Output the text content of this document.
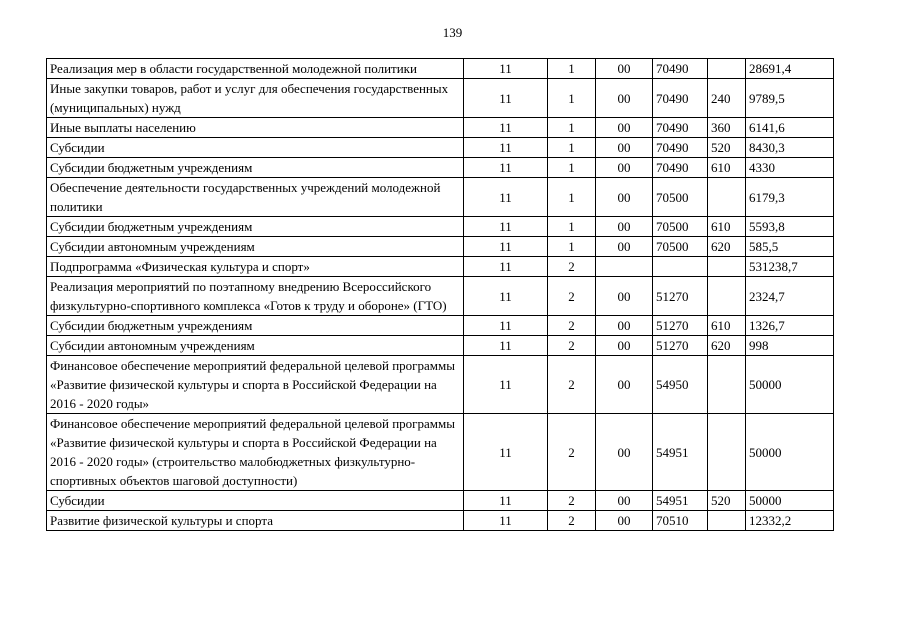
139
Реализация мер в области государственной молодежной политики	11	1	00	70490		28691,4
Иные закупки товаров, работ и услуг для обеспечения государственных (муниципальных) нужд	11	1	00	70490	240	9789,5
Иные выплаты населению	11	1	00	70490	360	6141,6
Субсидии	11	1	00	70490	520	8430,3
Субсидии бюджетным учреждениям	11	1	00	70490	610	4330
Обеспечение деятельности государственных учреждений молодежной политики	11	1	00	70500		6179,3
Субсидии бюджетным учреждениям	11	1	00	70500	610	5593,8
Субсидии автономным учреждениям	11	1	00	70500	620	585,5
Подпрограмма «Физическая культура и спорт»	11	2				531238,7
Реализация мероприятий по поэтапному внедрению Всероссийского физкультурно-спортивного комплекса «Готов к труду и обороне» (ГТО)	11	2	00	51270		2324,7
Субсидии бюджетным учреждениям	11	2	00	51270	610	1326,7
Субсидии автономным учреждениям	11	2	00	51270	620	998
Финансовое обеспечение мероприятий федеральной целевой программы «Развитие физической культуры и спорта в Российской Федерации на 2016 - 2020 годы»	11	2	00	54950		50000
Финансовое обеспечение мероприятий федеральной целевой программы «Развитие физической культуры и спорта в Российской Федерации на 2016 - 2020 годы» (строительство малобюджетных физкультурно-спортивных объектов шаговой доступности)	11	2	00	54951		50000
Субсидии	11	2	00	54951	520	50000
Развитие физической культуры и спорта	11	2	00	70510		12332,2
